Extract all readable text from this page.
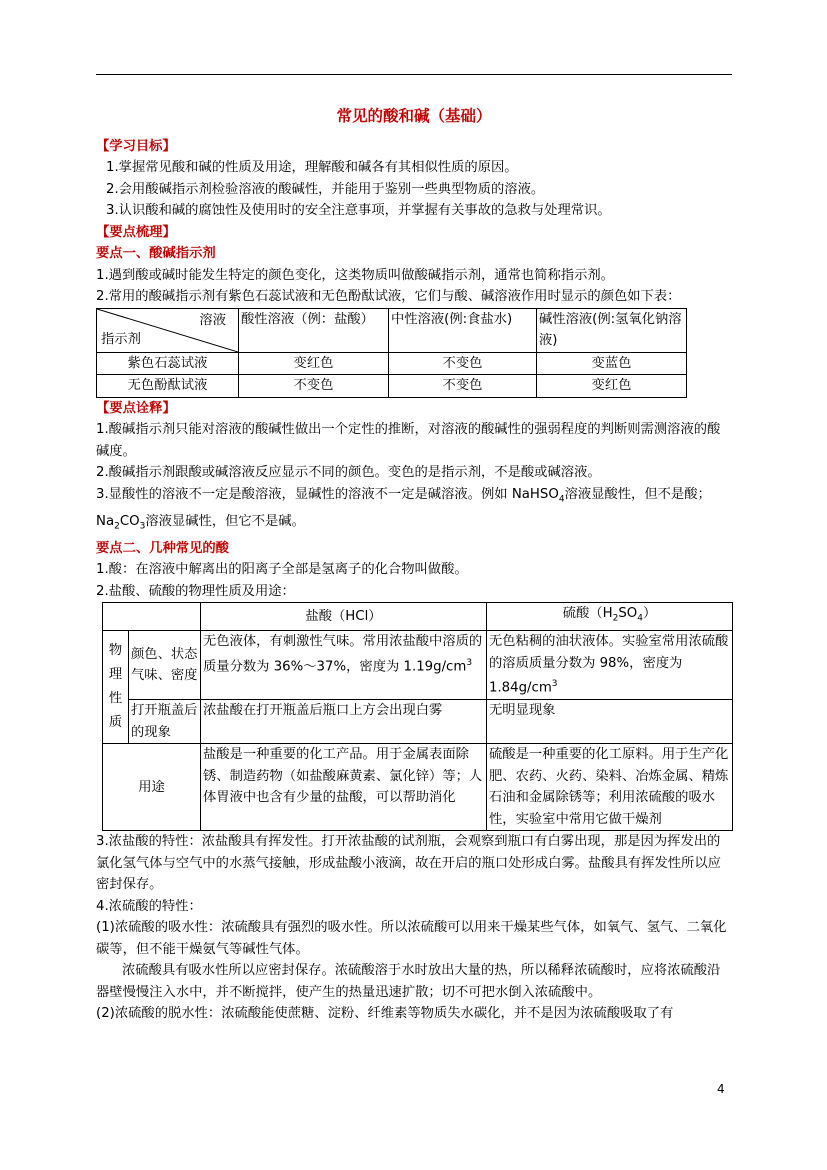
常见的酸和碱（基础）
【学习目标】
1.掌握常见酸和碱的性质及用途，理解酸和碱各有其相似性质的原因。
2.会用酸碱指示剂检验溶液的酸碱性，并能用于鉴别一些典型物质的溶液。
3.认识酸和碱的腐蚀性及使用时的安全注意事项，并掌握有关事故的急救与处理常识。
【要点梳理】
要点一、酸碱指示剂
1.遇到酸或碱时能发生特定的颜色变化，这类物质叫做酸碱指示剂，通常也简称指示剂。
2.常用的酸碱指示剂有紫色石蕊试液和无色酚酞试液，它们与酸、碱溶液作用时显示的颜色如下表：
溶液
指示剂	酸性溶液（例：盐酸）	中性溶液(例:食盐水)	碱性溶液(例:氢氧化钠溶液)
紫色石蕊试液	变红色	不变色	变蓝色
无色酚酞试液	不变色	不变色	变红色
【要点诠释】
1.酸碱指示剂只能对溶液的酸碱性做出一个定性的推断，对溶液的酸碱性的强弱程度的判断则需测溶液的酸碱度。
2.酸碱指示剂跟酸或碱溶液反应显示不同的颜色。变色的是指示剂，不是酸或碱溶液。
3.显酸性的溶液不一定是酸溶液，显碱性的溶液不一定是碱溶液。例如 NaHSO$_4$溶液显酸性，但不是酸；$Na_2CO_3$溶液显碱性，但它不是碱。
要点二、几种常见的酸
1.酸：在溶液中解离出的阳离子全部是氢离子的化合物叫做酸。
2.盐酸、硫酸的物理性质及用途：
		盐酸（HCl）	硫酸$(H_2SO_4)$
物理性质	颜色、状态气味、密度	无色液体，有刺激性气味。常用浓盐酸中溶质的质量分数为 36%～37%，密度为 $1.19g/cm^3$	无色粘稠的油状液体。实验室常用浓硫酸的溶质质量分数为 98%，密度为 $1.84g/cm^3$
	打开瓶盖后的现象	浓盐酸在打开瓶盖后瓶口上方会出现白雾	无明显现象
用途		盐酸是一种重要的化工产品。用于金属表面除锈、制造药物（如盐酸麻黄素、氯化锌）等；人体胃液中也含有少量的盐酸，可以帮助消化	硫酸是一种重要的化工原料。用于生产化肥、农药、火药、染料、冶炼金属、精炼石油和金属除锈等；利用浓硫酸的吸水性，实验室中常用它做干燥剂
3.浓盐酸的特性：浓盐酸具有挥发性。打开浓盐酸的试剂瓶，会观察到瓶口有白雾出现，那是因为挥发出的氯化氢气体与空气中的水蒸气接触，形成盐酸小液滴，故在开启的瓶口处形成白雾。盐酸具有挥发性所以应密封保存。
4.浓硫酸的特性：
(1)浓硫酸的吸水性：浓硫酸具有强烈的吸水性。所以浓硫酸可以用来干燥某些气体，如氧气、氢气、二氧化碳等，但不能干燥氨气等碱性气体。
浓硫酸具有吸水性所以应密封保存。浓硫酸溶于水时放出大量的热，所以稀释浓硫酸时，应将浓硫酸沿器壁慢慢注入水中，并不断搅拌，使产生的热量迅速扩散；切不可把水倒入浓硫酸中。
(2)浓硫酸的脱水性：浓硫酸能使蔗糖、淀粉、纤维素等物质失水碳化，并不是因为浓硫酸吸取了有
4
